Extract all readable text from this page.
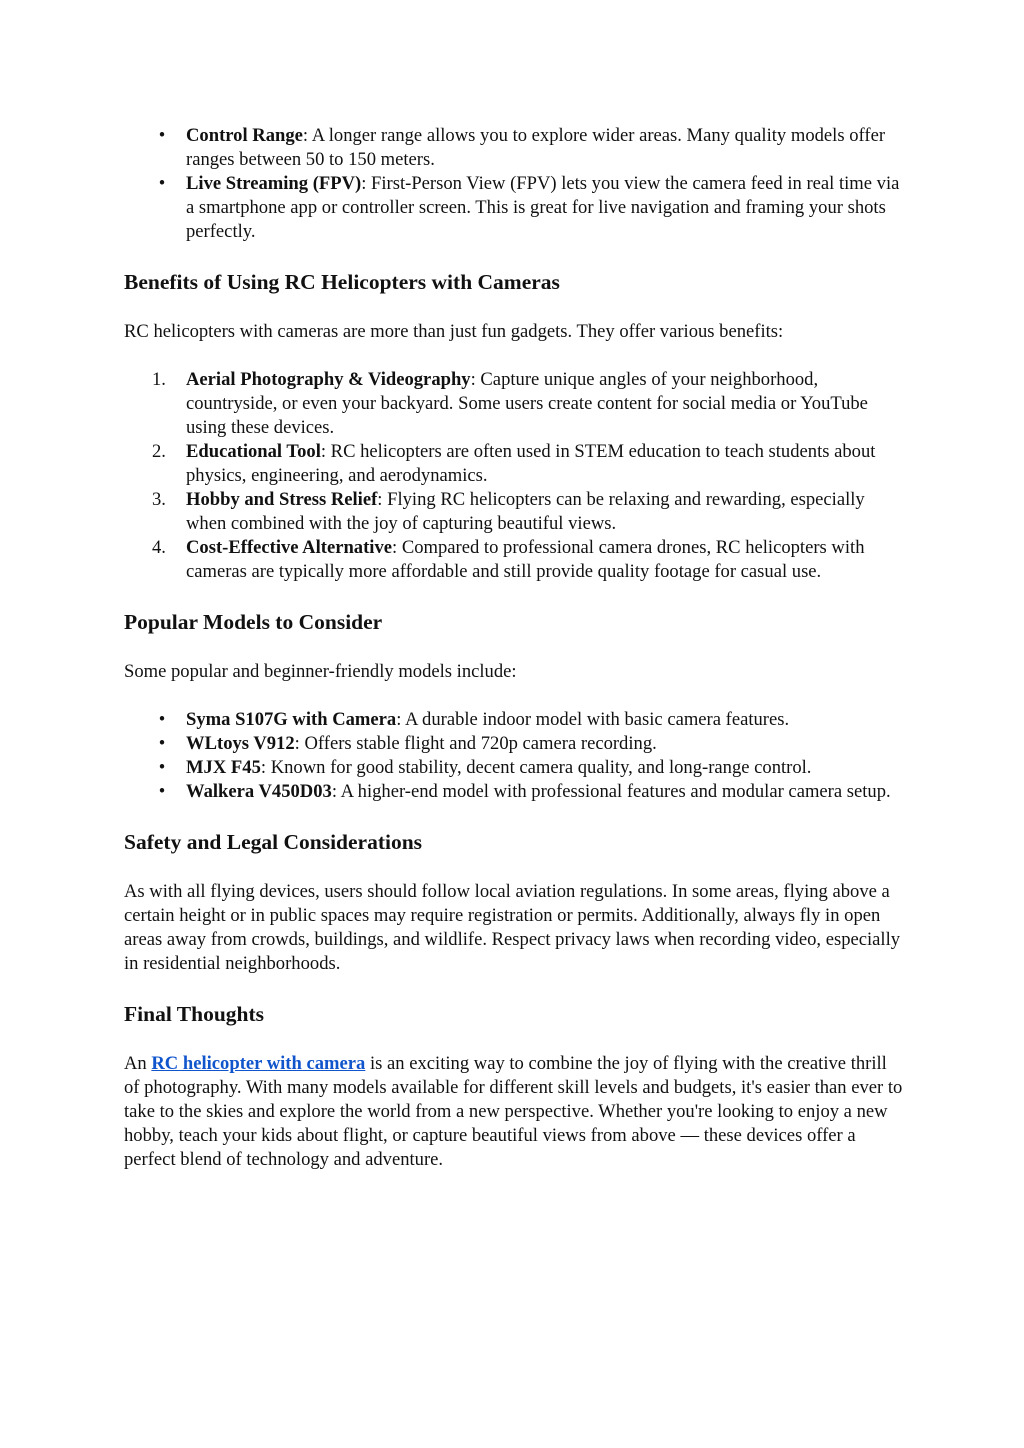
•	Control Range: A longer range allows you to explore wider areas. Many quality models offer ranges between 50 to 150 meters.
•	Live Streaming (FPV): First-Person View (FPV) lets you view the camera feed in real time via a smartphone app or controller screen. This is great for live navigation and framing your shots perfectly.
Benefits of Using RC Helicopters with Cameras

RC helicopters with cameras are more than just fun gadgets. They offer various benefits:

1.	Aerial Photography & Videography: Capture unique angles of your neighborhood, countryside, or even your backyard. Some users create content for social media or YouTube using these devices.
2.	Educational Tool: RC helicopters are often used in STEM education to teach students about physics, engineering, and aerodynamics.
3.	Hobby and Stress Relief: Flying RC helicopters can be relaxing and rewarding, especially when combined with the joy of capturing beautiful views.
4.	Cost-Effective Alternative: Compared to professional camera drones, RC helicopters with cameras are typically more affordable and still provide quality footage for casual use.
Popular Models to Consider

Some popular and beginner-friendly models include:

•	Syma S107G with Camera: A durable indoor model with basic camera features.
•	WLtoys V912: Offers stable flight and 720p camera recording.
•	MJX F45: Known for good stability, decent camera quality, and long-range control.
•	Walkera V450D03: A higher-end model with professional features and modular camera setup.
Safety and Legal Considerations

As with all flying devices, users should follow local aviation regulations. In some areas, flying above a certain height or in public spaces may require registration or permits. Additionally, always fly in open areas away from crowds, buildings, and wildlife. Respect privacy laws when recording video, especially in residential neighborhoods.

Final Thoughts

An RC helicopter with camera is an exciting way to combine the joy of flying with the creative thrill of photography. With many models available for different skill levels and budgets, it's easier than ever to take to the skies and explore the world from a new perspective. Whether you're looking to enjoy a new hobby, teach your kids about flight, or capture beautiful views from above — these devices offer a perfect blend of technology and adventure.
